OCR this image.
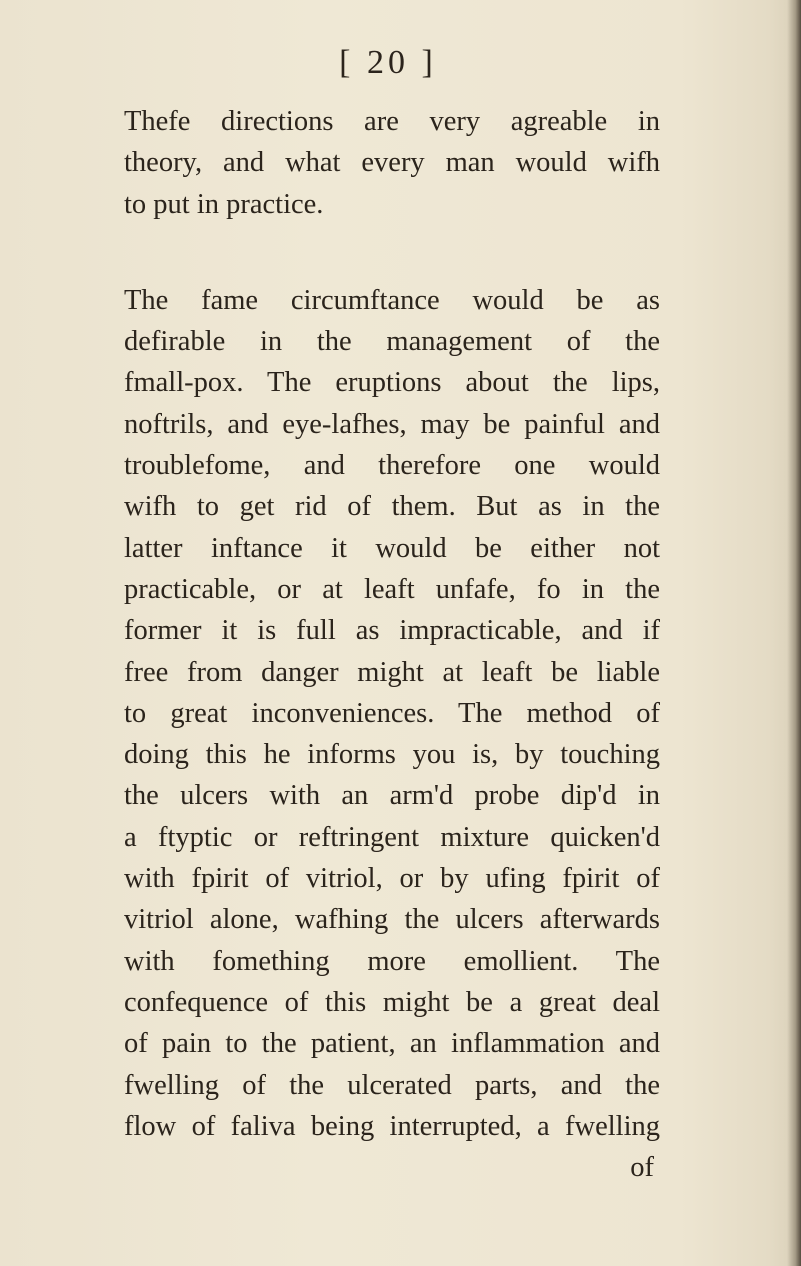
[ 20 ]
Thefe directions are very agreable in
theory, and what every man would wifh
to put in practice.
The fame circumftance would be as
defirable in the management of the
fmall-pox. The eruptions about the lips,
noftrils, and eye-lafhes, may be painful and
troublefome, and therefore one would
wifh to get rid of them. But as in the
latter inftance it would be either not
practicable, or at leaft unfafe, fo in the
former it is full as impracticable, and if
free from danger might at leaft be liable
to great inconveniences. The method of
doing this he informs you is, by touching
the ulcers with an arm'd probe dip'd in
a ftyptic or reftringent mixture quicken'd
with fpirit of vitriol, or by ufing fpirit of
vitriol alone, wafhing the ulcers afterwards
with fomething more emollient. The
confequence of this might be a great deal
of pain to the patient, an inflammation and
fwelling of the ulcerated parts, and the
flow of faliva being interrupted, a fwelling
of
